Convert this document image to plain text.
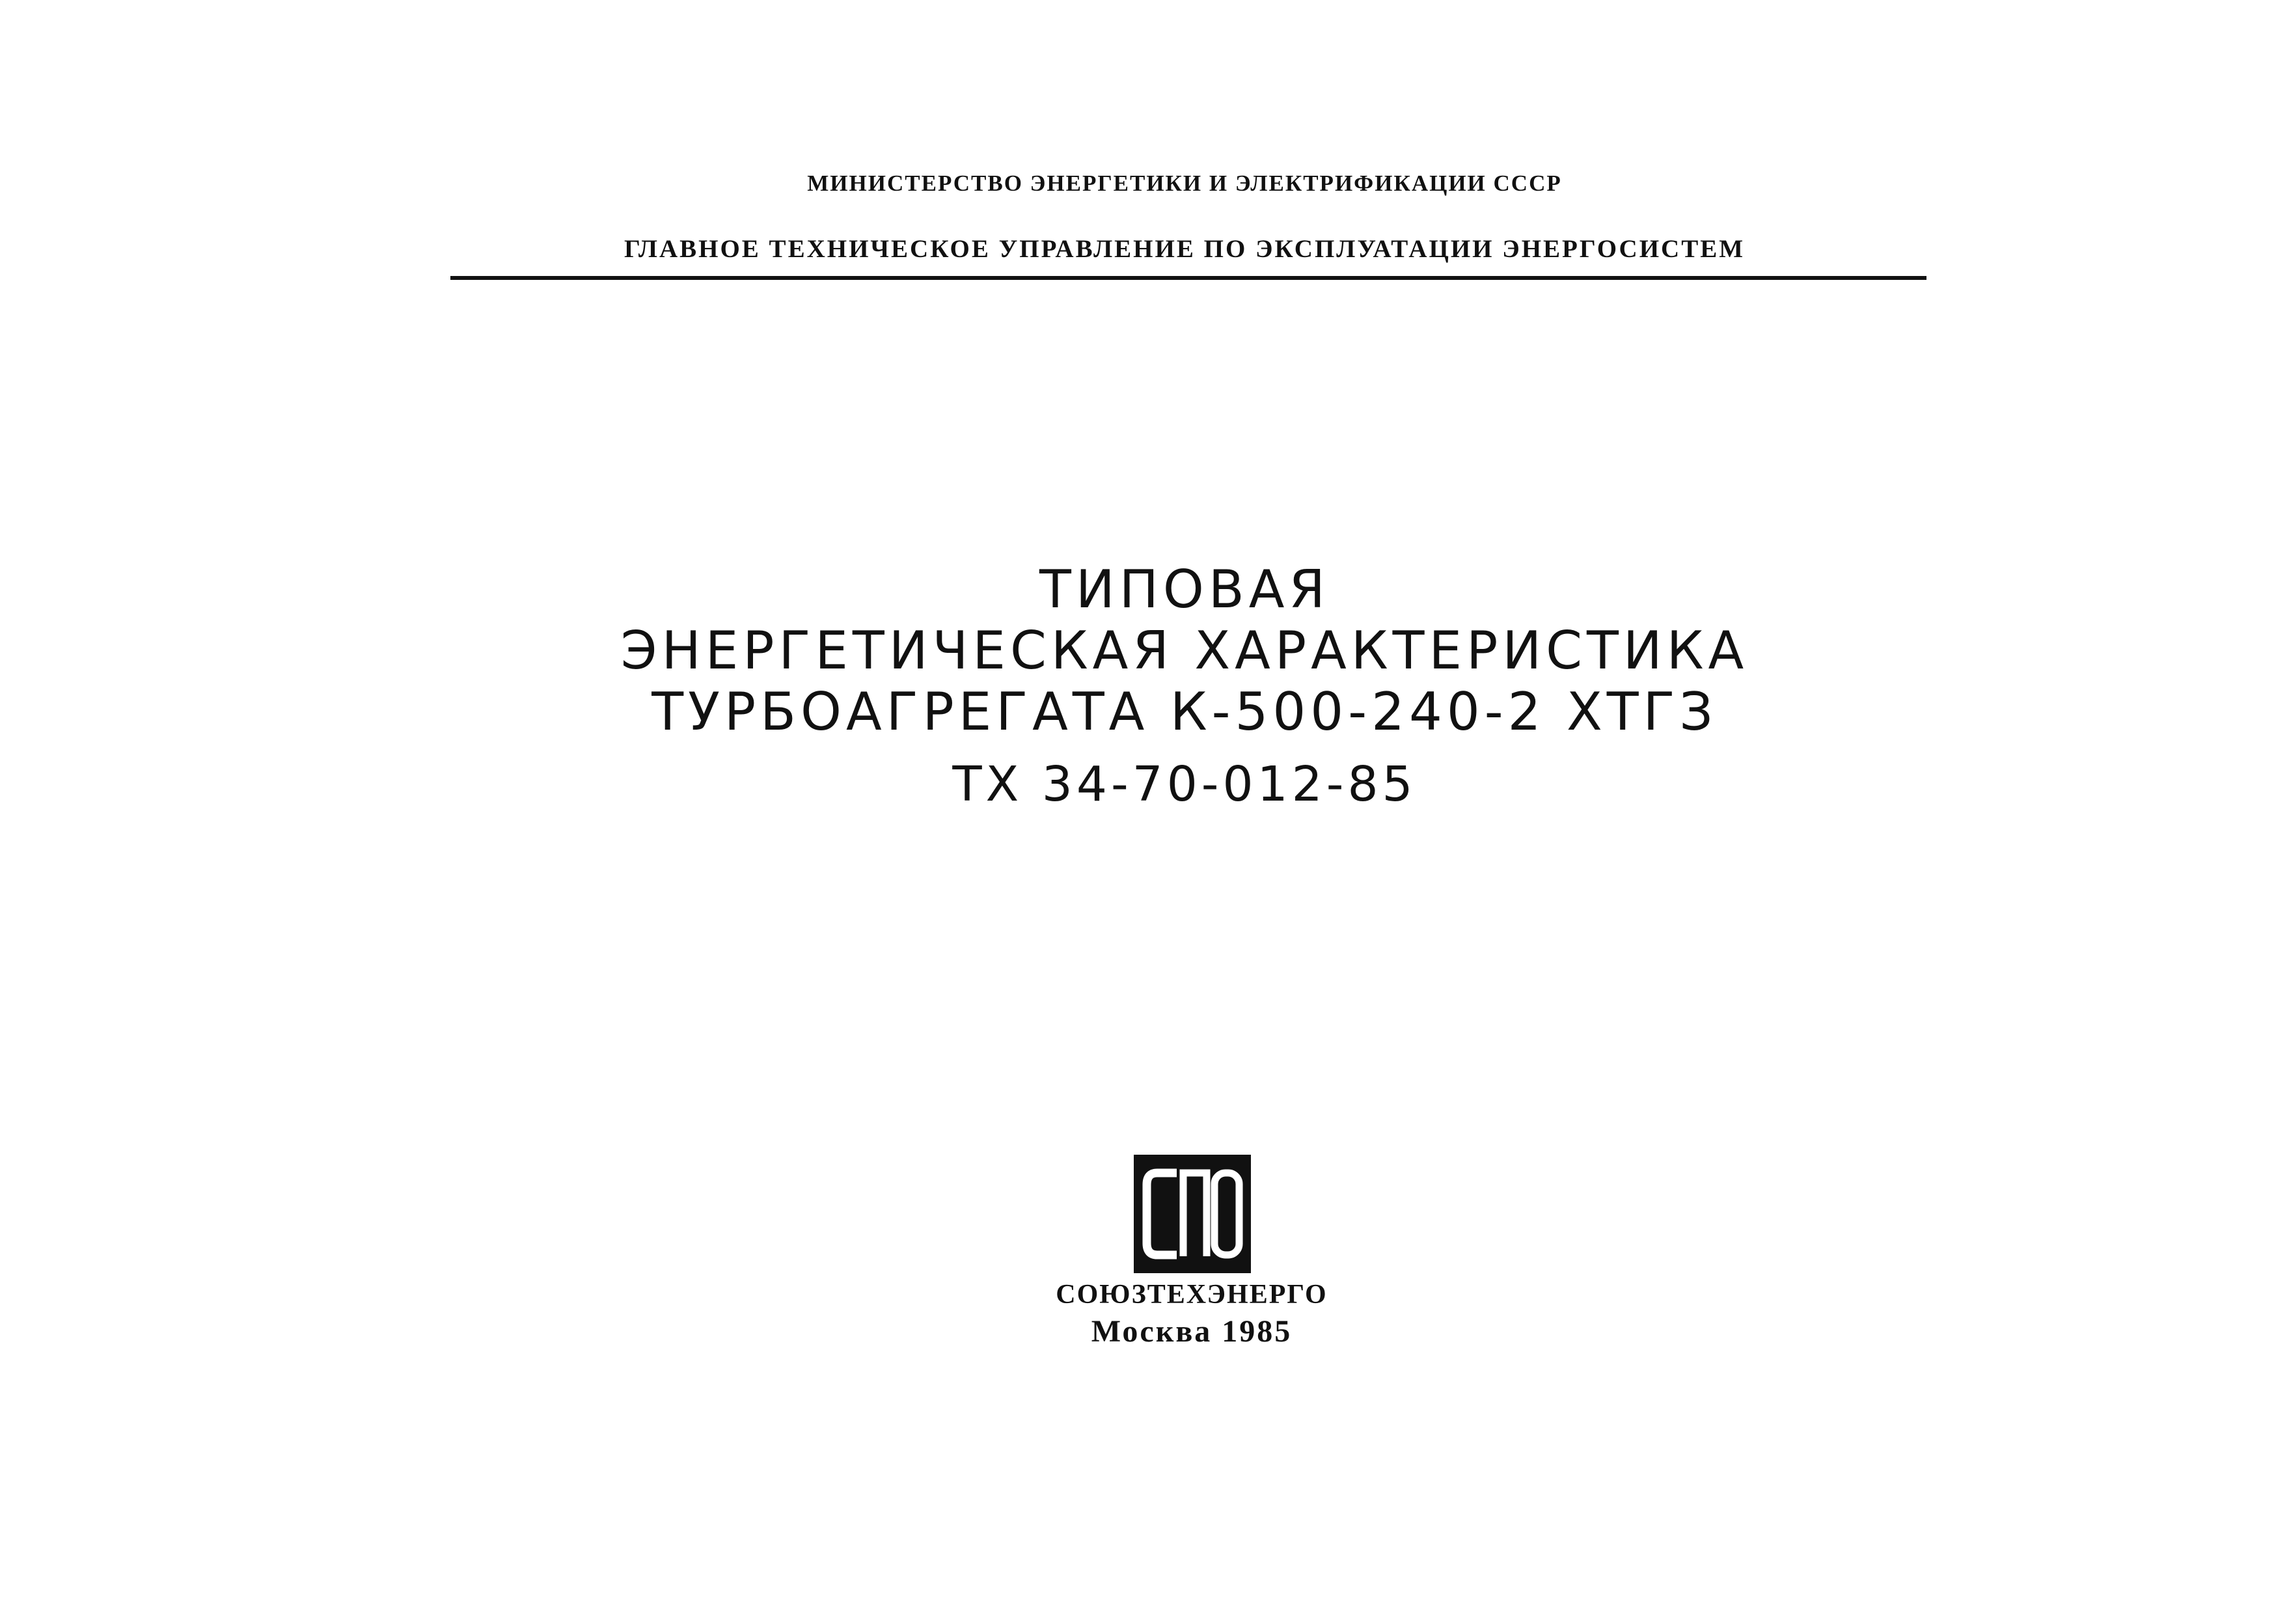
МИНИСТЕРСТВО ЭНЕРГЕТИКИ И ЭЛЕКТРИФИКАЦИИ СССР
ГЛАВНОЕ ТЕХНИЧЕСКОЕ УПРАВЛЕНИЕ ПО ЭКСПЛУАТАЦИИ ЭНЕРГОСИСТЕМ
ТИПОВАЯ
ЭНЕРГЕТИЧЕСКАЯ ХАРАКТЕРИСТИКА
ТУРБОАГРЕГАТА К-500-240-2 ХТГЗ
ТХ 34-70-012-85
СОЮЗТЕХЭНЕРГО
Москва 1985
